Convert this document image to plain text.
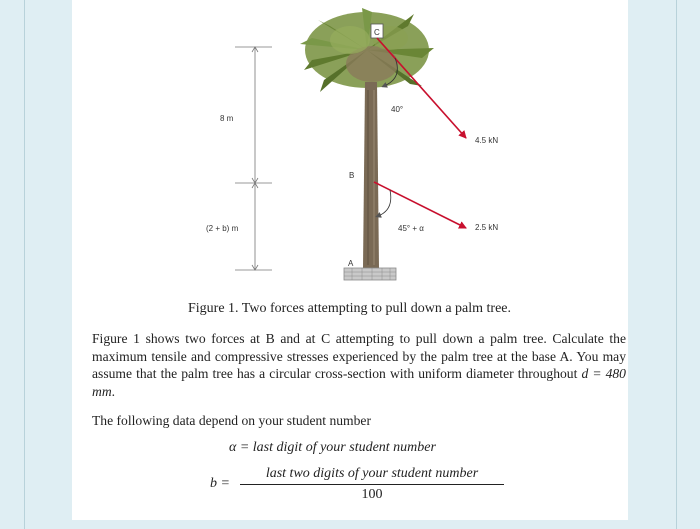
8 m
(2 + b) m
C
40°
4.5 kN
B
45° + α	2.5 kN
A
Figure 1. Two forces attempting to pull down a palm tree.

Figure 1 shows two forces at B and at C attempting to pull down a palm tree. Calculate the maximum tensile and compressive stresses experienced by the palm tree at the base A. You may assume that the palm tree has a circular cross-section with uniform diameter throughout d = 480 mm.

The following data depend on your student number
α = last digit of your student number
b =
last two digits of your student number
100
